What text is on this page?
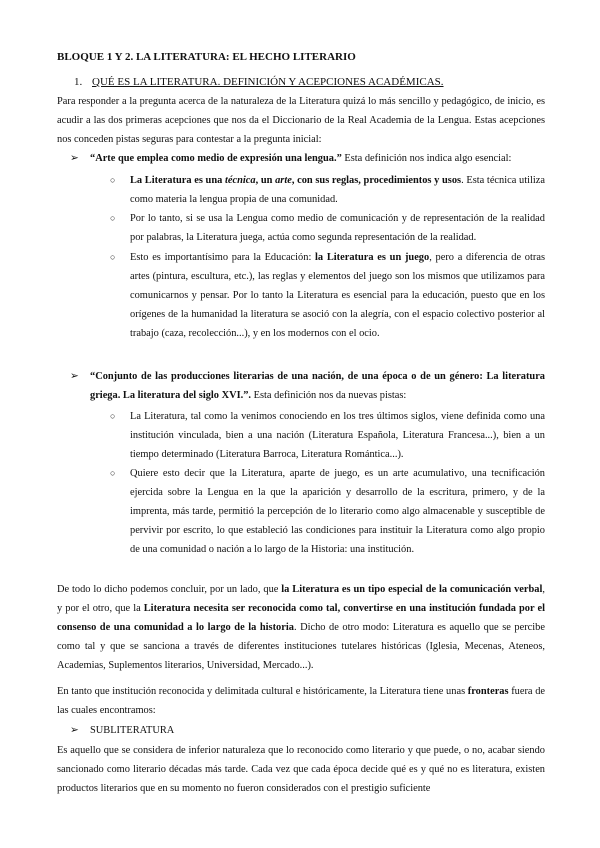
BLOQUE 1 Y 2. LA LITERATURA: EL HECHO LITERARIO
1. QUÉ ES LA LITERATURA. DEFINICIÓN Y ACEPCIONES ACADÉMICAS.

Para responder a la pregunta acerca de la naturaleza de la Literatura quizá lo más sencillo y pedagógico, de inicio, es acudir a las dos primeras acepciones que nos da el Diccionario de la Real Academia de la Lengua. Estas acepciones nos conceden pistas seguras para contestar a la pregunta inicial:

➢	“Arte que emplea como medio de expresión una lengua.” Esta definición nos indica algo esencial:
○ La Literatura es una técnica, un arte, con sus reglas, procedimientos y usos. Esta técnica utiliza como materia la lengua propia de una comunidad.
○ Por lo tanto, si se usa la Lengua como medio de comunicación y de representación de la realidad por palabras, la Literatura juega, actúa como segunda representación de la realidad.
○ Esto es importantísimo para la Educación: la Literatura es un juego, pero a diferencia de otras artes (pintura, escultura, etc.), las reglas y elementos del juego son los mismos que utilizamos para comunicarnos y pensar. Por lo tanto la Literatura es esencial para la educación, puesto que en los orígenes de la humanidad la literatura se asoció con la alegría, con el espacio colectivo posterior al trabajo (caza, recolección...), y en los modernos con el ocio.
➢	“Conjunto de las producciones literarias de una nación, de una época o de un género: La literatura griega. La literatura del siglo XVI.”. Esta definición nos da nuevas pistas:
○ La Literatura, tal como la venimos conociendo en los tres últimos siglos, viene definida como una institución vinculada, bien a una nación (Literatura Española, Literatura Francesa...), bien a un tiempo determinado (Literatura Barroca, Literatura Romántica...).
○ Quiere esto decir que la Literatura, aparte de juego, es un arte acumulativo, una tecnificación ejercida sobre la Lengua en la que la aparición y desarrollo de la escritura, primero, y de la imprenta, más tarde, permitió la percepción de lo literario como algo almacenable y susceptible de pervivir por escrito, lo que estableció las condiciones para instituir la Literatura como algo propio de una comunidad o nación a lo largo de la Historia: una institución.

De todo lo dicho podemos concluir, por un lado, que la Literatura es un tipo especial de la comunicación verbal, y por el otro, que la Literatura necesita ser reconocida como tal, convertirse en una institución fundada por el consenso de una comunidad a lo largo de la historia. Dicho de otro modo: Literatura es aquello que se percibe como tal y que se sanciona a través de diferentes instituciones tutelares históricas (Iglesia, Mecenas, Ateneos, Academias, Suplementos literarios, Universidad, Mercado...).

En tanto que institución reconocida y delimitada cultural e históricamente, la Literatura tiene unas fronteras fuera de las cuales encontramos:

➢	SUBLITERATURA

Es aquello que se considera de inferior naturaleza que lo reconocido como literario y que puede, o no, acabar siendo sancionado como literario décadas más tarde. Cada vez que cada época decide qué es y qué no es literatura, existen productos literarios que en su momento no fueron considerados con el prestigio suficiente
